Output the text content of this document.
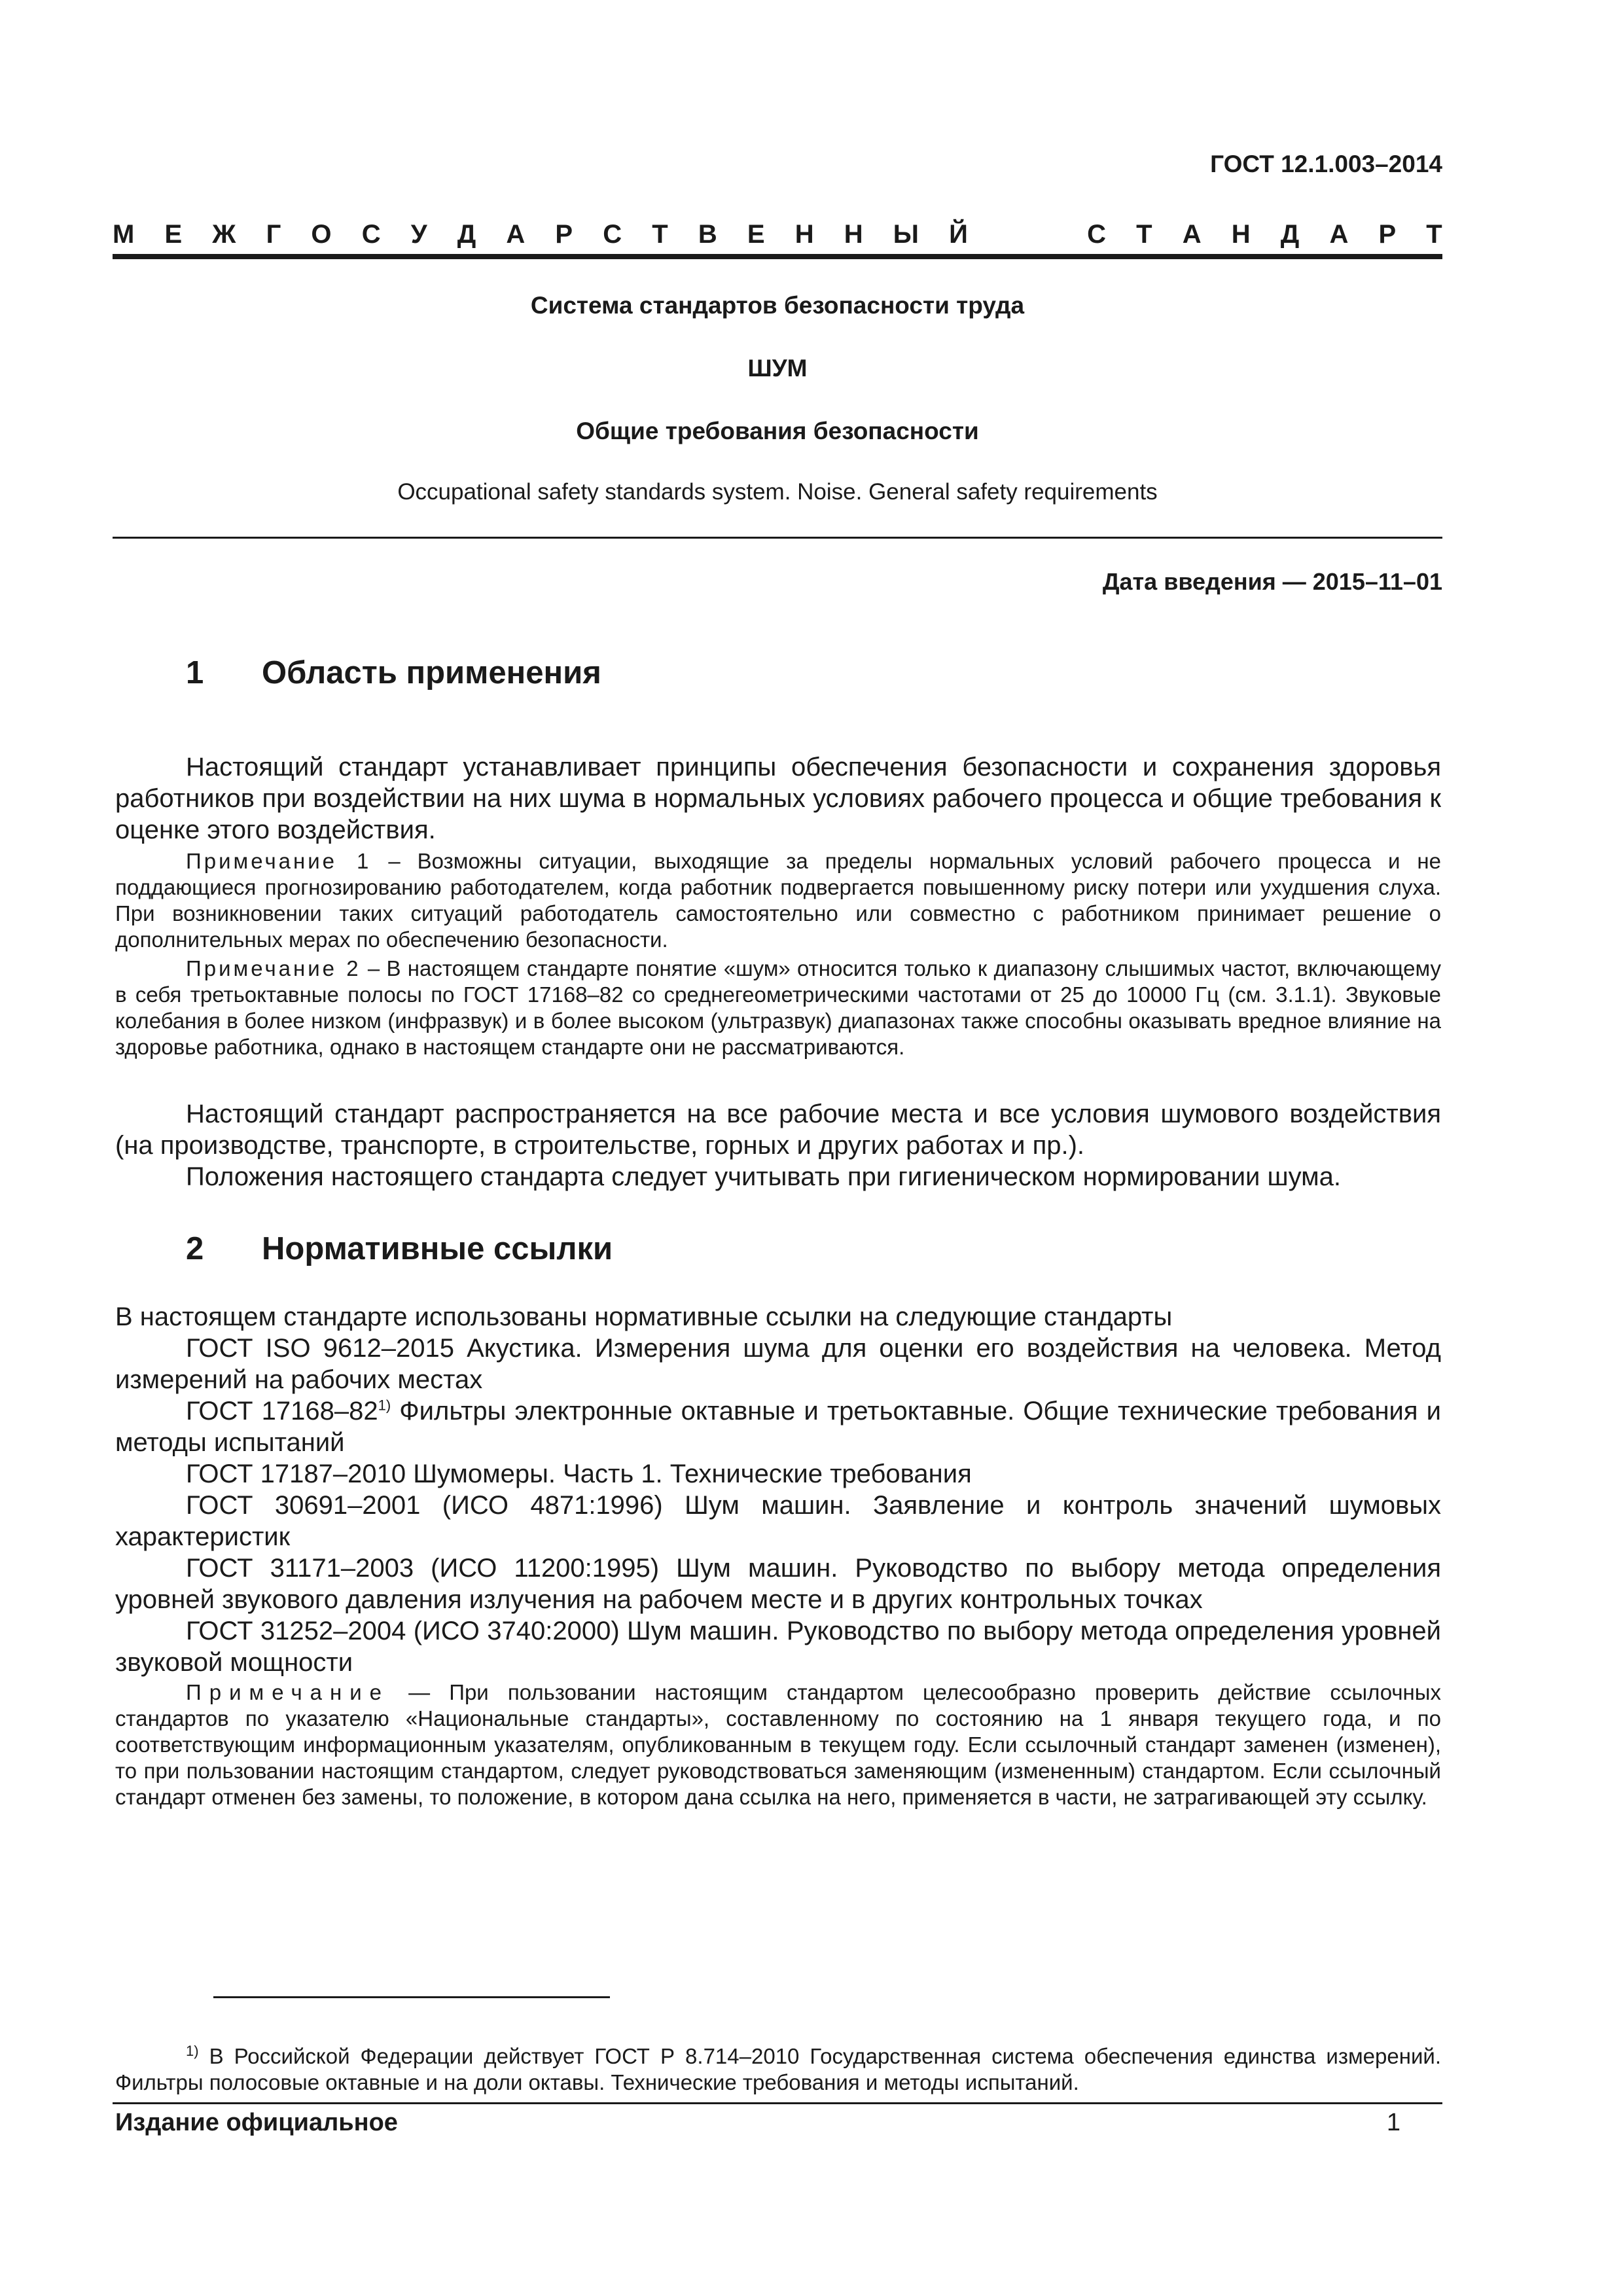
ГОСТ 12.1.003–2014
М Е Ж Г О С У Д А Р С Т В Е Н Н Ы Й	С Т А Н Д А Р Т
Система стандартов безопасности труда
ШУМ
Общие требования безопасности
Occupational safety standards system. Noise. General safety requirements
Дата введения — 2015–11–01
1 Область применения
Настоящий стандарт устанавливает принципы обеспечения безопасности и сохранения здоровья работников при воздействии на них шума в нормальных условиях рабочего процесса и общие требования к оценке этого воздействия.
Примечание 1 – Возможны ситуации, выходящие за пределы нормальных условий рабочего процесса и не поддающиеся прогнозированию работодателем, когда работник подвергается повышенному риску потери или ухудшения слуха. При возникновении таких ситуаций работодатель самостоятельно или совместно с работником принимает решение о дополнительных мерах по обеспечению безопасности.
Примечание 2 – В настоящем стандарте понятие «шум» относится только к диапазону слышимых частот, включающему в себя третьоктавные полосы по ГОСТ 17168–82 со среднегеометрическими частотами от 25 до 10000 Гц (см. 3.1.1). Звуковые колебания в более низком (инфразвук) и в более высоком (ультразвук) диапазонах также способны оказывать вредное влияние на здоровье работника, однако в настоящем стандарте они не рассматриваются.
Настоящий стандарт распространяется на все рабочие места и все условия шумового воздействия (на производстве, транспорте, в строительстве, горных и других работах и пр.).
Положения настоящего стандарта следует учитывать при гигиеническом нормировании шума.
2 Нормативные ссылки
В настоящем стандарте использованы нормативные ссылки на следующие стандарты
ГОСТ ISO 9612–2015 Акустика. Измерения шума для оценки его воздействия на человека. Метод измерений на рабочих местах
ГОСТ 17168–82$^{1)}$ Фильтры электронные октавные и третьоктавные. Общие технические требования и методы испытаний
ГОСТ 17187–2010 Шумомеры. Часть 1. Технические требования
ГОСТ 30691–2001 (ИСО 4871:1996) Шум машин. Заявление и контроль значений шумовых характеристик
ГОСТ 31171–2003 (ИСО 11200:1995) Шум машин. Руководство по выбору метода определения уровней звукового давления излучения на рабочем месте и в других контрольных точках
ГОСТ 31252–2004 (ИСО 3740:2000) Шум машин. Руководство по выбору метода определения уровней звуковой мощности
Примечание — При пользовании настоящим стандартом целесообразно проверить действие ссылочных стандартов по указателю «Национальные стандарты», составленному по состоянию на 1 января текущего года, и по соответствующим информационным указателям, опубликованным в текущем году. Если ссылочный стандарт заменен (изменен), то при пользовании настоящим стандартом, следует руководствоваться заменяющим (измененным) стандартом. Если ссылочный стандарт отменен без замены, то положение, в котором дана ссылка на него, применяется в части, не затрагивающей эту ссылку.
$^{1)}$ В Российской Федерации действует ГОСТ Р 8.714–2010 Государственная система обеспечения единства измерений. Фильтры полосовые октавные и на доли октавы. Технические требования и методы испытаний.
Издание официальное	1
